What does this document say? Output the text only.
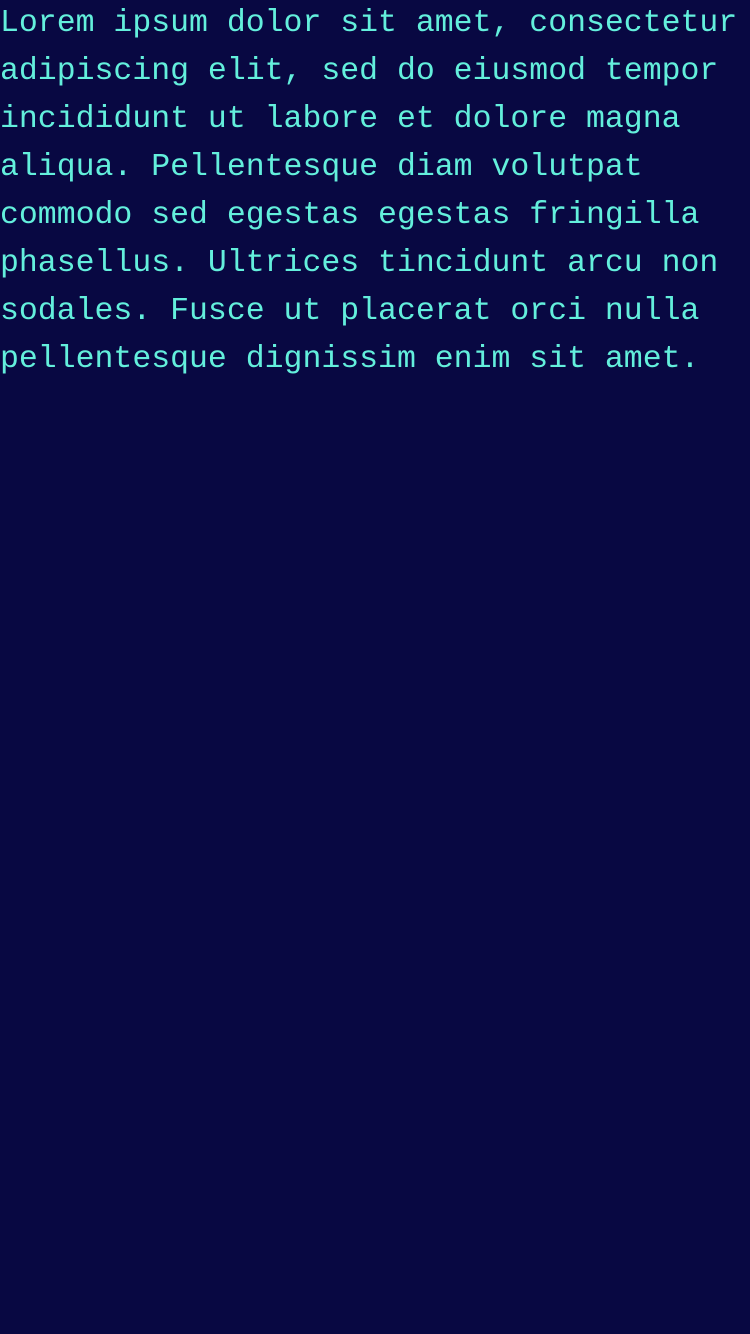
Lorem ipsum dolor sit amet, consectetur adipiscing elit, sed do eiusmod tempor incididunt ut labore et dolore magna aliqua. Pellentesque diam volutpat commodo sed egestas egestas fringilla phasellus. Ultrices tincidunt arcu non sodales. Fusce ut placerat orci nulla pellentesque dignissim enim sit amet.
